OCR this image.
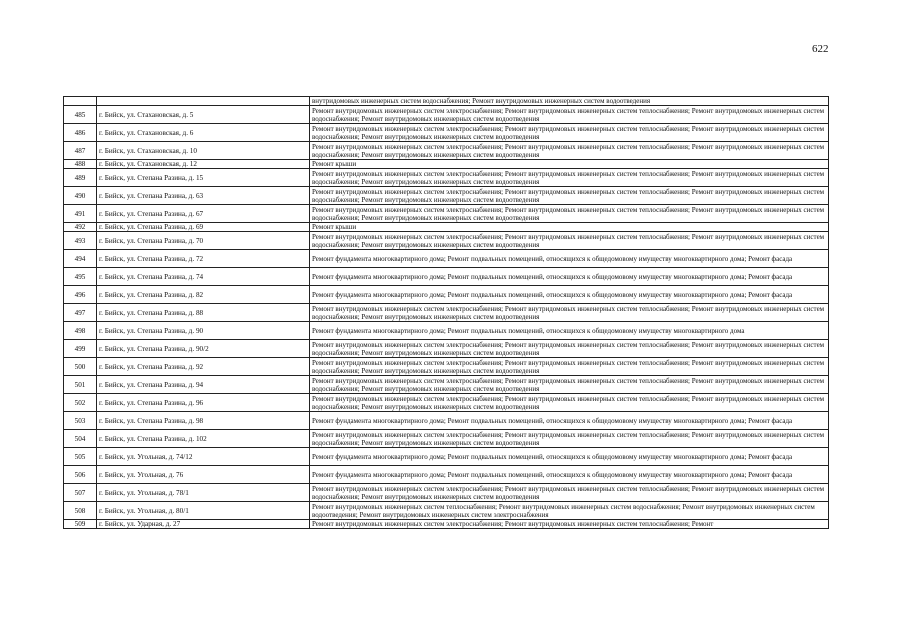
622
		внутридомовых инженерных систем водоснабжения; Ремонт внутридомовых инженерных систем водоотведения
485	г. Бийск, ул. Стахановская, д. 5	Ремонт внутридомовых инженерных систем электроснабжения; Ремонт внутридомовых инженерных систем теплоснабжения; Ремонт внутридомовых инженерных систем водоснабжения; Ремонт внутридомовых инженерных систем водоотведения
486	г. Бийск, ул. Стахановская, д. 6	Ремонт внутридомовых инженерных систем электроснабжения; Ремонт внутридомовых инженерных систем теплоснабжения; Ремонт внутридомовых инженерных систем водоснабжения; Ремонт внутридомовых инженерных систем водоотведения
487	г. Бийск, ул. Стахановская, д. 10	Ремонт внутридомовых инженерных систем электроснабжения; Ремонт внутридомовых инженерных систем теплоснабжения; Ремонт внутридомовых инженерных систем водоснабжения; Ремонт внутридомовых инженерных систем водоотведения
488	г. Бийск, ул. Стахановская, д. 12	Ремонт крыши
489	г. Бийск, ул. Степана Разина, д. 15	Ремонт внутридомовых инженерных систем электроснабжения; Ремонт внутридомовых инженерных систем теплоснабжения; Ремонт внутридомовых инженерных систем водоснабжения; Ремонт внутридомовых инженерных систем водоотведения
490	г. Бийск, ул. Степана Разина, д. 63	Ремонт внутридомовых инженерных систем электроснабжения; Ремонт внутридомовых инженерных систем теплоснабжения; Ремонт внутридомовых инженерных систем водоснабжения; Ремонт внутридомовых инженерных систем водоотведения
491	г. Бийск, ул. Степана Разина, д. 67	Ремонт внутридомовых инженерных систем электроснабжения; Ремонт внутридомовых инженерных систем теплоснабжения; Ремонт внутридомовых инженерных систем водоснабжения; Ремонт внутридомовых инженерных систем водоотведения
492	г. Бийск, ул. Степана Разина, д. 69	Ремонт крыши
493	г. Бийск, ул. Степана Разина, д. 70	Ремонт внутридомовых инженерных систем электроснабжения; Ремонт внутридомовых инженерных систем теплоснабжения; Ремонт внутридомовых инженерных систем водоснабжения; Ремонт внутридомовых инженерных систем водоотведения
494	г. Бийск, ул. Степана Разина, д. 72	Ремонт фундамента многоквартирного дома; Ремонт подвальных помещений, относящихся к общедомовому имуществу многоквартирного дома; Ремонт фасада
495	г. Бийск, ул. Степана Разина, д. 74	Ремонт фундамента многоквартирного дома; Ремонт подвальных помещений, относящихся к общедомовому имуществу многоквартирного дома; Ремонт фасада
496	г. Бийск, ул. Степана Разина, д. 82	Ремонт фундамента многоквартирного дома; Ремонт подвальных помещений, относящихся к общедомовому имуществу многоквартирного дома; Ремонт фасада
497	г. Бийск, ул. Степана Разина, д. 88	Ремонт внутридомовых инженерных систем электроснабжения; Ремонт внутридомовых инженерных систем теплоснабжения; Ремонт внутридомовых инженерных систем водоснабжения; Ремонт внутридомовых инженерных систем водоотведения
498	г. Бийск, ул. Степана Разина, д. 90	Ремонт фундамента многоквартирного дома; Ремонт подвальных помещений, относящихся к общедомовому имуществу многоквартирного дома
499	г. Бийск, ул. Степана Разина, д. 90/2	Ремонт внутридомовых инженерных систем электроснабжения; Ремонт внутридомовых инженерных систем теплоснабжения; Ремонт внутридомовых инженерных систем водоснабжения; Ремонт внутридомовых инженерных систем водоотведения
500	г. Бийск, ул. Степана Разина, д. 92	Ремонт внутридомовых инженерных систем электроснабжения; Ремонт внутридомовых инженерных систем теплоснабжения; Ремонт внутридомовых инженерных систем водоснабжения; Ремонт внутридомовых инженерных систем водоотведения
501	г. Бийск, ул. Степана Разина, д. 94	Ремонт внутридомовых инженерных систем электроснабжения; Ремонт внутридомовых инженерных систем теплоснабжения; Ремонт внутридомовых инженерных систем водоснабжения; Ремонт внутридомовых инженерных систем водоотведения
502	г. Бийск, ул. Степана Разина, д. 96	Ремонт внутридомовых инженерных систем электроснабжения; Ремонт внутридомовых инженерных систем теплоснабжения; Ремонт внутридомовых инженерных систем водоснабжения; Ремонт внутридомовых инженерных систем водоотведения
503	г. Бийск, ул. Степана Разина, д. 98	Ремонт фундамента многоквартирного дома; Ремонт подвальных помещений, относящихся к общедомовому имуществу многоквартирного дома; Ремонт фасада
504	г. Бийск, ул. Степана Разина, д. 102	Ремонт внутридомовых инженерных систем электроснабжения; Ремонт внутридомовых инженерных систем теплоснабжения; Ремонт внутридомовых инженерных систем водоснабжения; Ремонт внутридомовых инженерных систем водоотведения
505	г. Бийск, ул. Угольная, д. 74/12	Ремонт фундамента многоквартирного дома; Ремонт подвальных помещений, относящихся к общедомовому имуществу многоквартирного дома; Ремонт фасада
506	г. Бийск, ул. Угольная, д. 76	Ремонт фундамента многоквартирного дома; Ремонт подвальных помещений, относящихся к общедомовому имуществу многоквартирного дома; Ремонт фасада
507	г. Бийск, ул. Угольная, д. 78/1	Ремонт внутридомовых инженерных систем электроснабжения; Ремонт внутридомовых инженерных систем теплоснабжения; Ремонт внутридомовых инженерных систем водоснабжения; Ремонт внутридомовых инженерных систем водоотведения
508	г. Бийск, ул. Угольная, д. 80/1	Ремонт внутридомовых инженерных систем теплоснабжения; Ремонт внутридомовых инженерных систем водоснабжения; Ремонт внутридомовых инженерных систем водоотведения; Ремонт внутридомовых инженерных систем электроснабжения
509	г. Бийск, ул. Ударная, д. 27	Ремонт внутридомовых инженерных систем электроснабжения; Ремонт внутридомовых инженерных систем теплоснабжения; Ремонт
